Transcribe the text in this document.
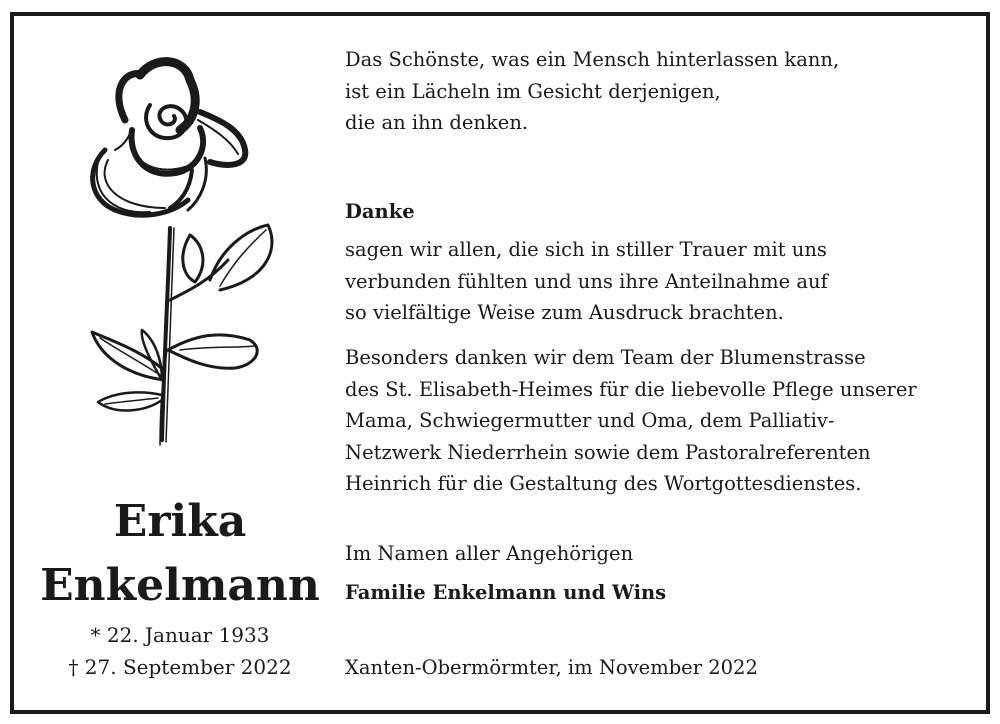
Erika
Enkelmann
* 22. Januar 1933
† 27. September 2022
Das Schönste, was ein Mensch hinterlassen kann,
ist ein Lächeln im Gesicht derjenigen,
die an ihn denken.
Danke
sagen wir allen, die sich in stiller Trauer mit uns
verbunden fühlten und uns ihre Anteilnahme auf
so vielfältige Weise zum Ausdruck brachten.
Besonders danken wir dem Team der Blumenstrasse
des St. Elisabeth-Heimes für die liebevolle Pflege unserer
Mama, Schwiegermutter und Oma, dem Palliativ-
Netzwerk Niederrhein sowie dem Pastoralreferenten
Heinrich für die Gestaltung des Wortgottesdienstes.
Im Namen aller Angehörigen
Familie Enkelmann und Wins
Xanten-Obermörmter, im November 2022
